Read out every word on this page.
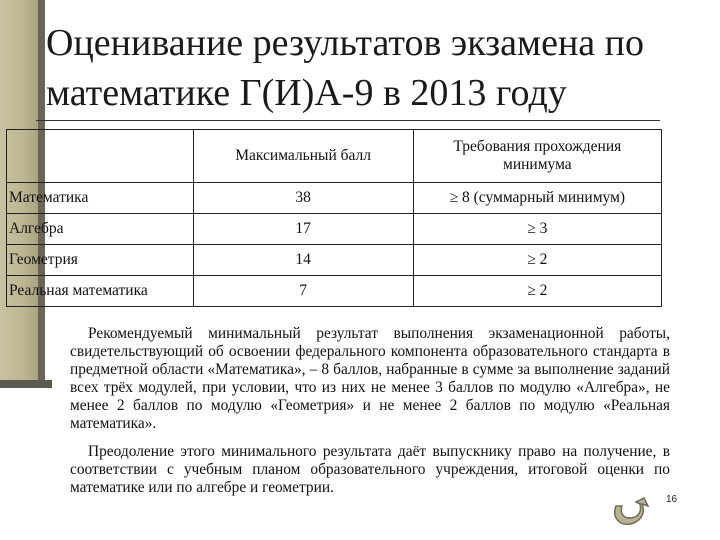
Оценивание результатов экзамена по математике Г(И)А-9 в 2013 году
	Максимальный балл	Требования прохождения минимума
Математика	38	≥ 8 (суммарный минимум)
Алгебра	17	≥ 3
Геометрия	14	≥ 2
Реальная математика	7	≥ 2

Рекомендуемый минимальный результат выполнения экзаменационной работы, свидетельствующий об освоении федерального компонента образовательного стандарта в предметной области «Математика», – 8 баллов, набранные в сумме за выполнение заданий всех трёх модулей, при условии, что из них не менее 3 баллов по модулю «Алгебра», не менее 2 баллов по модулю «Геометрия» и не менее 2 баллов по модулю «Реальная математика».

Преодоление этого минимального результата даёт выпускнику право на получение, в соответствии с учебным планом образовательного учреждения, итоговой оценки по математике или по алгебре и геометрии.

16
